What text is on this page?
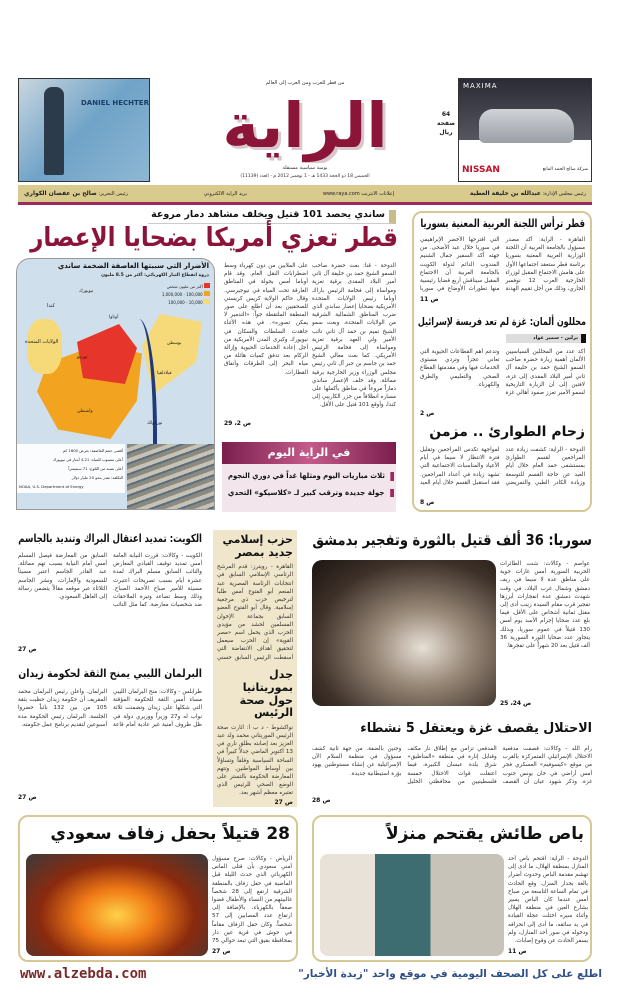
DANIEL HECHTER
من قطر للعرب ومن العرب إلى العالم
الراية
يومية سياسية مستقلة
الخميس 18 ذو الحجة 1433 هـ - 1 نوفمبر 2012 م - العدد (11139)
64
صفحة
ريال
MAXIMA
NISSAN	شركة صالح الحمد المانع
رئيس مجلس الإدارة: عبدالله بن خليفة العطية
إعلانات الانترنت www.raya.com
بريد الراية الالكتروني
رئيس التحرير: صالح بن عفصان الكواري
قطر ترأس اللجنة العربية المعنية بسوريا
القاهرة - الراية: أكد مصدر مسؤول بالجامعة العربية أن اللجنة الوزارية العربية المعنية بسوريا برئاسة قطر ستعقد اجتماعها الأول على هامش الاجتماع المقبل لوزراء الخارجية العرب 12 نوفمبر الجاري، وذلك من أجل تقييم الهدنة التي اقترحها الأخضر الإبراهيمي في سوريا خلال عيد الأضحى. من جهته أكد السفير جمال الشنيم المندوب الدائم لدولة الكويت بالجامعة العربية أن الاجتماع المقبل سيناقش أربع قضايا رئيسية منها تطورات الأوضاع في سوريا
ص 11
محللون ألمان: غزة لم تعد فريسة لإسرائيل
برلين - سمير عواد
أكد عدد من المحللين السياسيين الألمان أهمية زيارة حضرة صاحب السمو الشيخ حمد بن خليفة آل ثاني أمير البلاد المفدى إلى غزة، لافتين إلى أن الزيارة التاريخية لسمو الأمير تعزز صمود أهالي غزة وتدعم أهم القطاعات الحيوية التي تعاني عجزاً وتردي مستوى الخدمات فيها وفي مقدمتها القطاع الصحي والتعليمي والطرق والكهرباء.
ص 2
زحام الطوارئ .. مزمن
الدوحة - الراية: كشفت زيادة عدد المراجعين لقسم الطوارئ بمستشفى حمد العام خلال أيام العيد عن حاجة القسم للتوسعة وزيادة الكادر الطبي والتمريضي لمواجهة تكدس المراجعين وتقليل فترة الانتظار لا سيما في أيام الأعياد والمناسبات الاجتماعية التي تشهد زيادة في أعداد المراجعين. فقد استقبل القسم خلال أيام العيد
ص 8
ساندي يحصد 101 قتيل ويخلف مشاهد دمار مروعة
قطر تعزي أمريكا بضحايا الإعصار
الأضرار التي سببتها العاصفة الضخمة ساندي
ذروة انقطاع التيار الكهربائي: أكثر من 8.5 مليون
أكثر من مليون شخص
100,000 - 1,000,000
10,000 - 100,000
كندا
نيويورك
الولايات المتحدة
أوتاوا
تورنتو
بوسطن
فيلادلفيا
واشنطن
نورفولك
أقصى حجم للعاصفة: يعرض 1600 كم
أعلى منسوب للمياه: 4.21 أمتار في نيويورك
أعلى نسبة من الثلوج: 71 سنتيمتراً
التكلفة: تقدر بنحو 20 مليار دولار
NOAA, U.S. Department of Energy
الدوحة - قنا: بعث حضرة صاحب السمو الشيخ حمد بن خليفة آل ثاني أمير البلاد المفدى برقية تعزية ومواساة إلى فخامة الرئيس باراك أوباما رئيس الولايات المتحدة الأمريكية بضحايا إعصار ساندي الذي ضرب المناطق الشمالية الشرقية من الولايات المتحدة. وبعث سمو الشيخ تميم بن حمد آل ثاني نائب الأمير ولي العهد برقية تعزية ومواساة إلى فخامة الرئيس الأمريكي. كما بعث معالي الشيخ حمد بن جاسم بن جبر آل ثاني رئيس مجلس الوزراء وزير الخارجية برقية مماثلة. وقد خلف الإعصار ساندي دماراً مروعاً في مناطق بأكملها على مساره انطلاقاً من جزر الكاريبي إلى كندا، وأوقع 101 قتيل على الأقل.
على الملايين من دون كهرباء وسط اضطرابات النقل العام. وقد قام أوباما أمس بجولة في المناطق الغارقة تحت المياه في نيوجيرسي. وقال حاكم الولاية كريس كريستي للصحفيين بعد أن اطلع على صور المنطقة الملتقطة جواً: «التدمير لا يمكن تصوره». في هذه الأثناء جاهدت السلطات والسكان في نيويورك وكبرى المدن الأمريكية من أجل إعادة الخدمات الحيوية وإزالة الركام بعد تدفق كميات هائلة من مياه البحر إلى الطرقات وأنفاق القطارات.
ص 2، 29
في الراية اليوم
ثلاث مباريات اليوم ومثلها غداً في دوري النجوم
جولة جديدة وترقب كبير لـ «كلاسيكو» التحدي
سوريا: 36 ألف قتيل بالثورة وتفجير بدمشق
عواصم - وكالات: شنت الطائرات الحربية السورية أمس غارات جوية على مناطق عدة لا سيما في ريف دمشق وشمال غرب البلاد، في وقت شهدت دمشق عدة انفجارات أبرزها تفجير قرب مقام السيدة زينب أدى إلى مقتل ثمانية أشخاص على الأقل، فيما بلغ عدد ضحايا إجرام الأسد يوم أمس 130 قتيلاً في عموم سوريا، وبذلك يتجاوز عدد ضحايا الثورة السورية 36 ألف قتيل بعد 20 شهراً على تفجرها.
ص 24، 25
الاحتلال يقصف غزة ويعتقل 5 نشطاء
رام الله - وكالات: قصفت مدفعية الاحتلال الإسرائيلي المتمركزة بالقرب من موقع «كيسوفيم» العسكري فجر أمس أراضي في خان يونس جنوب غزة. وذكر شهود عيان أن القصف المدفعي تزامن مع إطلاق نار مكثف وقنابل إنارة في منطقة «المناطيق» شرق بلدة عبسان الكبيرة، فيما اعتقلت قوات الاحتلال خمسة فلسطينيين من محافظتي الخليل وجنين بالضفة. من جهة ثانية كشف مسؤول في منظمة السلام الآن الإسرائيلية عن إنشاء مستوطنين يهود بؤرة استيطانية جديدة.
ص 28
حزب إسلامي جديد بمصر
القاهرة - رويترز: قدم المرشح الرئاسي الإسلامي السابق في انتخابات الرئاسة المصرية عبد المنعم أبو الفتوح أمس طلباً لترخيص حزب ذي مرجعية إسلامية. وقال أبو الفتوح العضو السابق بجماعة الإخوان المسلمين لحشد من مؤيدي الحزب الذي يحمل اسم «مصر القوية» إن الحزب سيعمل لتحقيق أهداف الانتفاضة التي أسقطت الرئيس السابق حسني
جدل بموريتانيا حول صحة الرئيس
نواكشوط - د ب أ: أثارت صحة الرئيس الموريتاني محمد ولد عبد العزيز بعد إصابته بطلق ناري في 13 أكتوبر الماضي جدلاً كبيراً في الساحة السياسية وقلقاً وتساؤلاً بين أوساط المواطنين. وتتهم المعارضة الحكومة بالتستر على الوضع الصحي للرئيس الذي تعتبره معظم أشهر بعد.
ص 27
الكويت: تمديد اعتقال البراك وتنديد بالجاسم
الكويت - وكالات: قررت النيابة العامة أمس تمديد توقيف القيادي المعارض والنائب السابق مسلم البراك لمدة عشرة أيام بسبب تصريحات اعتبرت مسيئة للأمير صباح الأحمد الصباح. وذلك وسط تصاعد وتيرة الملاحقات ضد شخصيات معارضة. كما مثل النائب السابق من المعارضة فيصل المسلم أمس أمام النيابة بسبب تهم مماثلة. عبد القادر الجاسم اعتبر مسيئاً للسعودية والإمارات، ونشر الجاسم الثلاثاء عبر موقعه مقالاً يتضمن رسالة إلى العاهل السعودي.
ص 27
البرلمان الليبي يمنح الثقة لحكومة زيدان
طرابلس - وكالات: منح البرلمان الليبي مساء أمس الثقة للحكومة المؤقتة التي شكلها علي زيدان وتضمنت ثلاثة نواب له و27 وزيراً ووزيري دولة في ظل ظروف أمنية غير عادية أمام قاعة البرلمان. وأعلن رئيس البرلمان محمد المقريف أن حكومة زيدان حظيت بثقة 105 من بين 132 نائباً حضروا الجلسة. البرلمان رئيس الحكومة مدة أسبوعين لتقديم برنامج عمل حكومته.
ص 27
باص طائش يقتحم منزلاً
الدوحة - الراية: اقتحم باص أحد المنازل بمنطقة الهلال، ما أدى إلى تهشم مقدمة الباص وحدوث أضرار بالغة بجدار المنزل. وقع الحادث في تمام الساعة التاسعة من صباح أمس عندما كان الباص يسير بشارع العين في منطقة الهلال وأثناء سيره اختلت عجلة القيادة في يد سائقه، ما أدى إلى انحرافه ودخوله في سور أحد المنازل، ولم يسفر الحادث عن وقوع إصابات.
ص 11
28 قتيلاً بحفل زفاف سعودي
الرياض - وكالات: صرح مسؤول أمني سعودي بأن قتلى الماس الكهربائي الذي حدث الليلة قبل الماضية في حفل زفاف بالمنطقة الشرقية ارتفع إلى 28 شخصاً غالبيتهم من النساء والأطفال قضوا صعقاً بالكهرباء، بالإضافة إلى ارتفاع عدد المصابين إلى 57 شخصاً. وكان حفل الزفاف مقاماً في حوش في قرية عين دار بمحافظة بقيق التي تبعد حوالي 75
ص 27
www.alzebda.com	اطلع على كل الصحف اليومية في موقع واحد "زبدة الأخبار"
